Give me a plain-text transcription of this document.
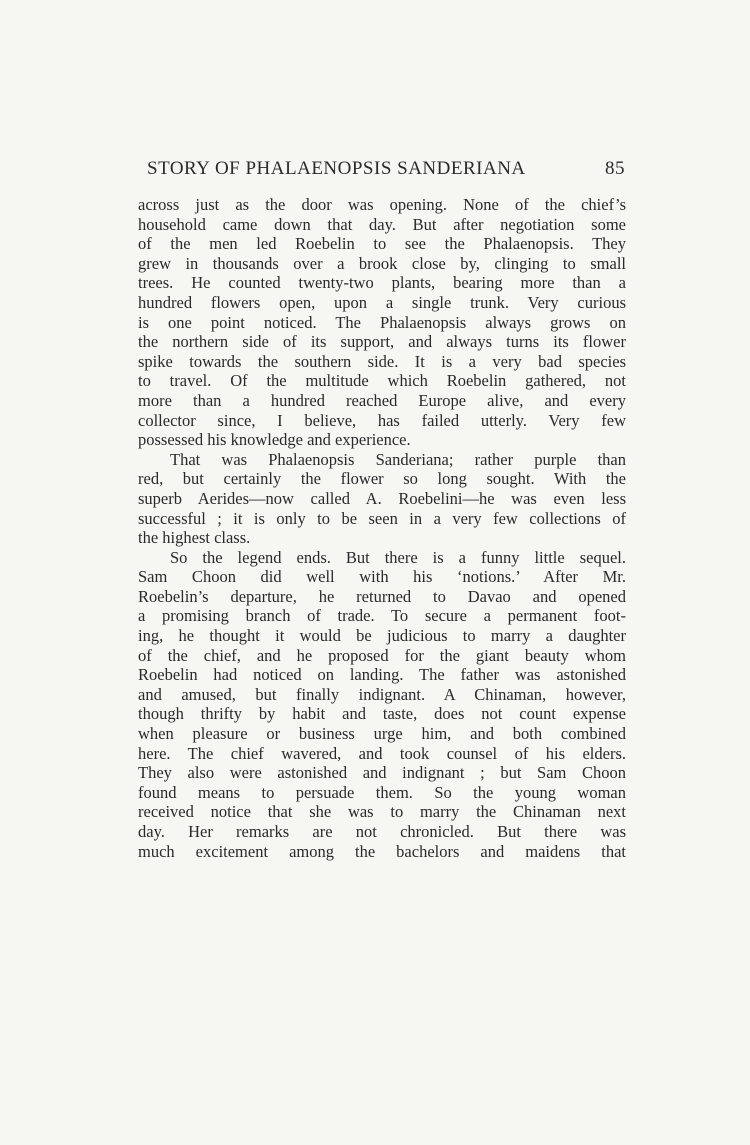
STORY OF PHALAENOPSIS SANDERIANA	85
across just as the door was opening. None of the chief’s
household came down that day. But after negotiation some
of the men led Roebelin to see the Phalaenopsis. They
grew in thousands over a brook close by, clinging to small
trees. He counted twenty-two plants, bearing more than a
hundred flowers open, upon a single trunk. Very curious
is one point noticed. The Phalaenopsis always grows on
the northern side of its support, and always turns its flower
spike towards the southern side. It is a very bad species
to travel. Of the multitude which Roebelin gathered, not
more than a hundred reached Europe alive, and every
collector since, I believe, has failed utterly. Very few
possessed his knowledge and experience.
That was Phalaenopsis Sanderiana; rather purple than
red, but certainly the flower so long sought. With the
superb Aerides—now called A. Roebelini—he was even less
successful ; it is only to be seen in a very few collections of
the highest class.
So the legend ends. But there is a funny little sequel.
Sam Choon did well with his ‘notions.’ After Mr.
Roebelin’s departure, he returned to Davao and opened
a promising branch of trade. To secure a permanent foot-
ing, he thought it would be judicious to marry a daughter
of the chief, and he proposed for the giant beauty whom
Roebelin had noticed on landing. The father was astonished
and amused, but finally indignant. A Chinaman, however,
though thrifty by habit and taste, does not count expense
when pleasure or business urge him, and both combined
here. The chief wavered, and took counsel of his elders.
They also were astonished and indignant ; but Sam Choon
found means to persuade them. So the young woman
received notice that she was to marry the Chinaman next
day. Her remarks are not chronicled. But there was
much excitement among the bachelors and maidens that
